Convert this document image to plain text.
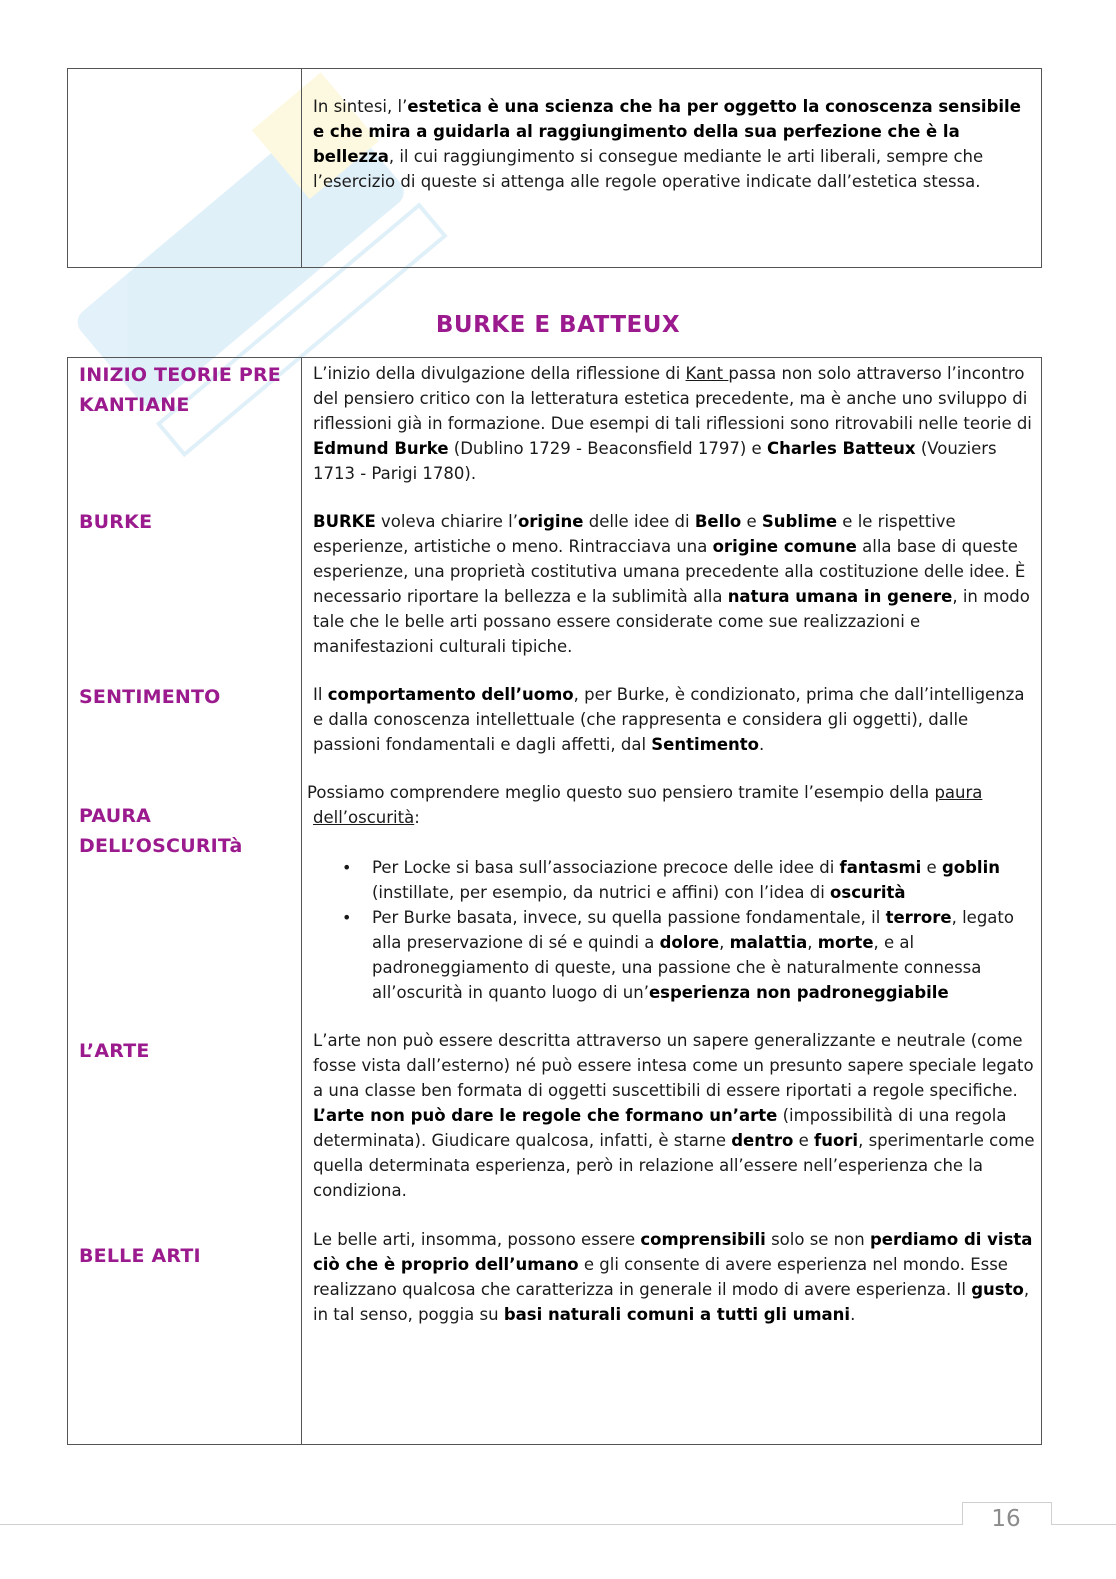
In sintesi, l’estetica è una scienza che ha per oggetto la conoscenza sensibile e che mira a guidarla al raggiungimento della sua perfezione che è la bellezza, il cui raggiungimento si consegue mediante le arti liberali, sempre che l’esercizio di queste si attenga alle regole operative indicate dall’estetica stessa.
BURKE E BATTEUX
INIZIO TEORIE PRE
KANTIANE
BURKE
SENTIMENTO
PAURA
DELL’OSCURITà
L’ARTE
BELLE ARTI
L’inizio della divulgazione della riflessione di Kant passa non solo attraverso l’incontro del pensiero critico con la letteratura estetica precedente, ma è anche uno sviluppo di riflessioni già in formazione. Due esempi di tali riflessioni sono ritrovabili nelle teorie di Edmund Burke (Dublino 1729 - Beaconsfield 1797) e Charles Batteux (Vouziers 1713 - Parigi 1780).
BURKE voleva chiarire l’origine delle idee di Bello e Sublime e le rispettive esperienze, artistiche o meno. Rintracciava una origine comune alla base di queste esperienze, una proprietà costitutiva umana precedente alla costituzione delle idee. È necessario riportare la bellezza e la sublimità alla natura umana in genere, in modo tale che le belle arti possano essere considerate come sue realizzazioni e manifestazioni culturali tipiche.
Il comportamento dell’uomo, per Burke, è condizionato, prima che dall’intelligenza e dalla conoscenza intellettuale (che rappresenta e considera gli oggetti), dalle passioni fondamentali e dagli affetti, dal Sentimento.
Possiamo comprendere meglio questo suo pensiero tramite l’esempio della paura
dell’oscurità:
• Per Locke si basa sull’associazione precoce delle idee di fantasmi e goblin (instillate, per esempio, da nutrici e affini) con l’idea di oscurità
• Per Burke basata, invece, su quella passione fondamentale, il terrore, legato alla preservazione di sé e quindi a dolore, malattia, morte, e al padroneggiamento di queste, una passione che è naturalmente connessa all’oscurità in quanto luogo di un’esperienza non padroneggiabile
L’arte non può essere descritta attraverso un sapere generalizzante e neutrale (come fosse vista dall’esterno) né può essere intesa come un presunto sapere speciale legato a una classe ben formata di oggetti suscettibili di essere riportati a regole specifiche. L’arte non può dare le regole che formano un’arte (impossibilità di una regola determinata). Giudicare qualcosa, infatti, è starne dentro e fuori, sperimentarle come quella determinata esperienza, però in relazione all’essere nell’esperienza che la condiziona.
Le belle arti, insomma, possono essere comprensibili solo se non perdiamo di vista ciò che è proprio dell’umano e gli consente di avere esperienza nel mondo. Esse realizzano qualcosa che caratterizza in generale il modo di avere esperienza. Il gusto, in tal senso, poggia su basi naturali comuni a tutti gli umani.
16
